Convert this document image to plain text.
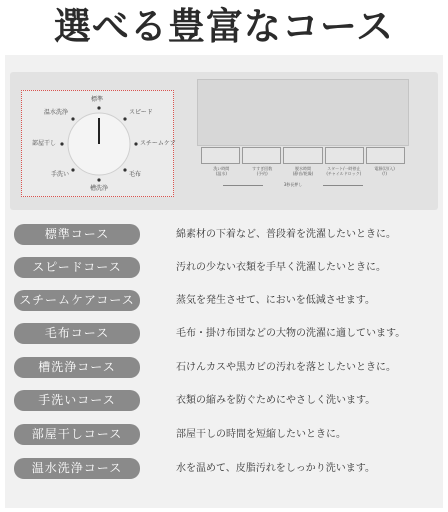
選べる豊富なコース
標準
スピード
スチームケア
毛布
槽洗浄
手洗い
部屋干し
温水洗浄
洗い時間
(温水)
すすぎ回数
(予約)
脱水時間
(静音/乾燥)
スタート/一時停止
(チャイルドロック)
電源(切/入)
(!)
3秒長押し
標準コース	綿素材の下着など、普段着を洗濯したいときに。
スピードコース	汚れの少ない衣類を手早く洗濯したいときに。
スチームケアコース	蒸気を発生させて、においを低減させます。
毛布コース	毛布・掛け布団などの大物の洗濯に適しています。
槽洗浄コース	石けんカスや黒カビの汚れを落としたいときに。
手洗いコース	衣類の縮みを防ぐためにやさしく洗います。
部屋干しコース	部屋干しの時間を短縮したいときに。
温水洗浄コース	水を温めて、皮脂汚れをしっかり洗います。
